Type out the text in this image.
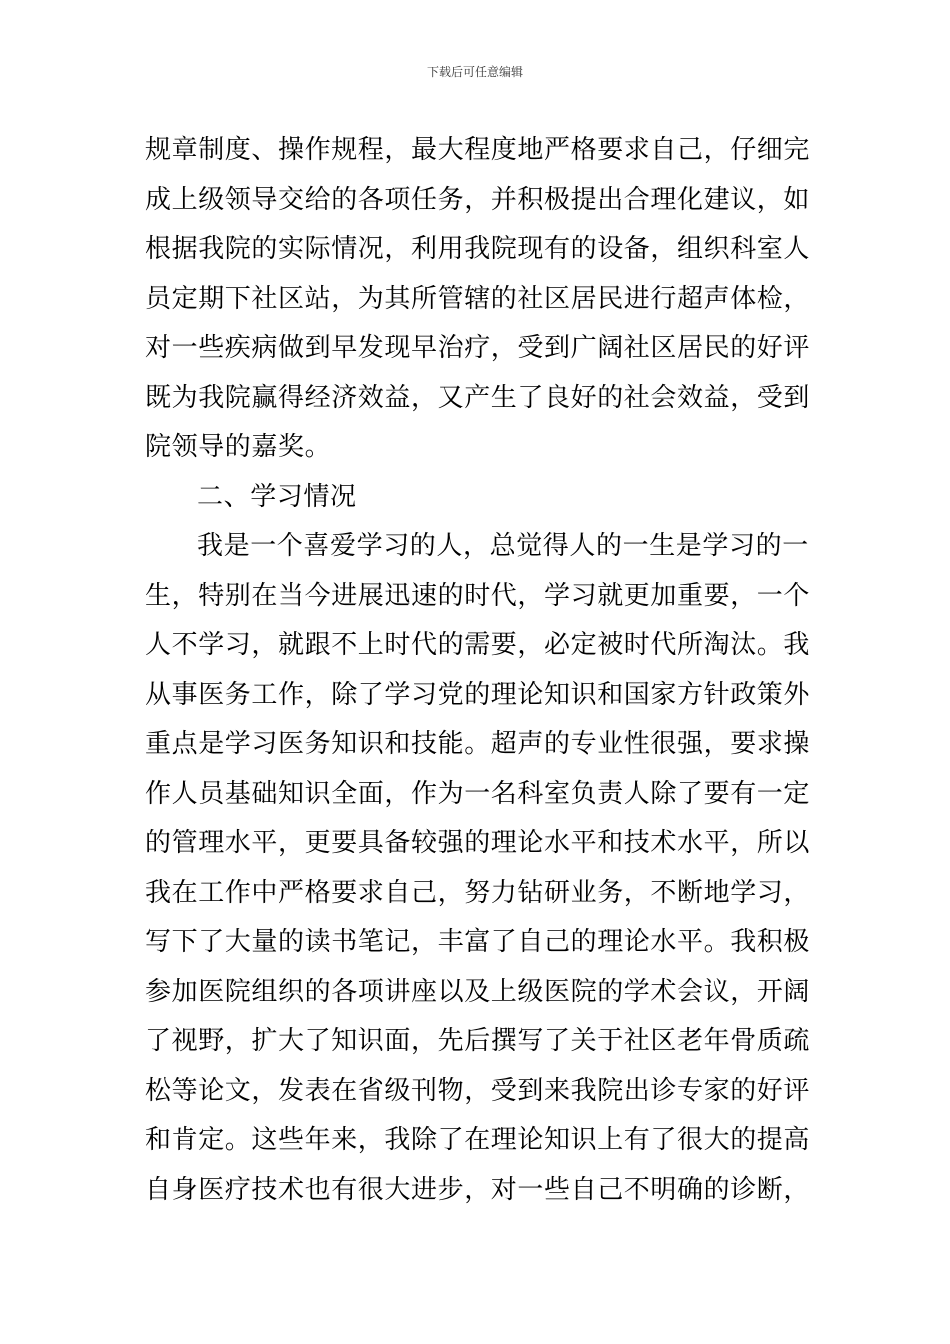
下载后可任意编辑
规章制度、操作规程，最大程度地严格要求自己，仔细完
成上级领导交给的各项任务，并积极提出合理化建议，如
根据我院的实际情况，利用我院现有的设备，组织科室人
员定期下社区站，为其所管辖的社区居民进行超声体检，
对一些疾病做到早发现早治疗，受到广阔社区居民的好评
既为我院赢得经济效益，又产生了良好的社会效益，受到
院领导的嘉奖。
二、学习情况
我是一个喜爱学习的人，总觉得人的一生是学习的一
生，特别在当今进展迅速的时代，学习就更加重要，一个
人不学习，就跟不上时代的需要，必定被时代所淘汰。我
从事医务工作，除了学习党的理论知识和国家方针政策外
重点是学习医务知识和技能。超声的专业性很强，要求操
作人员基础知识全面，作为一名科室负责人除了要有一定
的管理水平，更要具备较强的理论水平和技术水平，所以
我在工作中严格要求自己，努力钻研业务，不断地学习，
写下了大量的读书笔记，丰富了自己的理论水平。我积极
参加医院组织的各项讲座以及上级医院的学术会议，开阔
了视野，扩大了知识面，先后撰写了关于社区老年骨质疏
松等论文，发表在省级刊物，受到来我院出诊专家的好评
和肯定。这些年来，我除了在理论知识上有了很大的提高
自身医疗技术也有很大进步，对一些自己不明确的诊断，
